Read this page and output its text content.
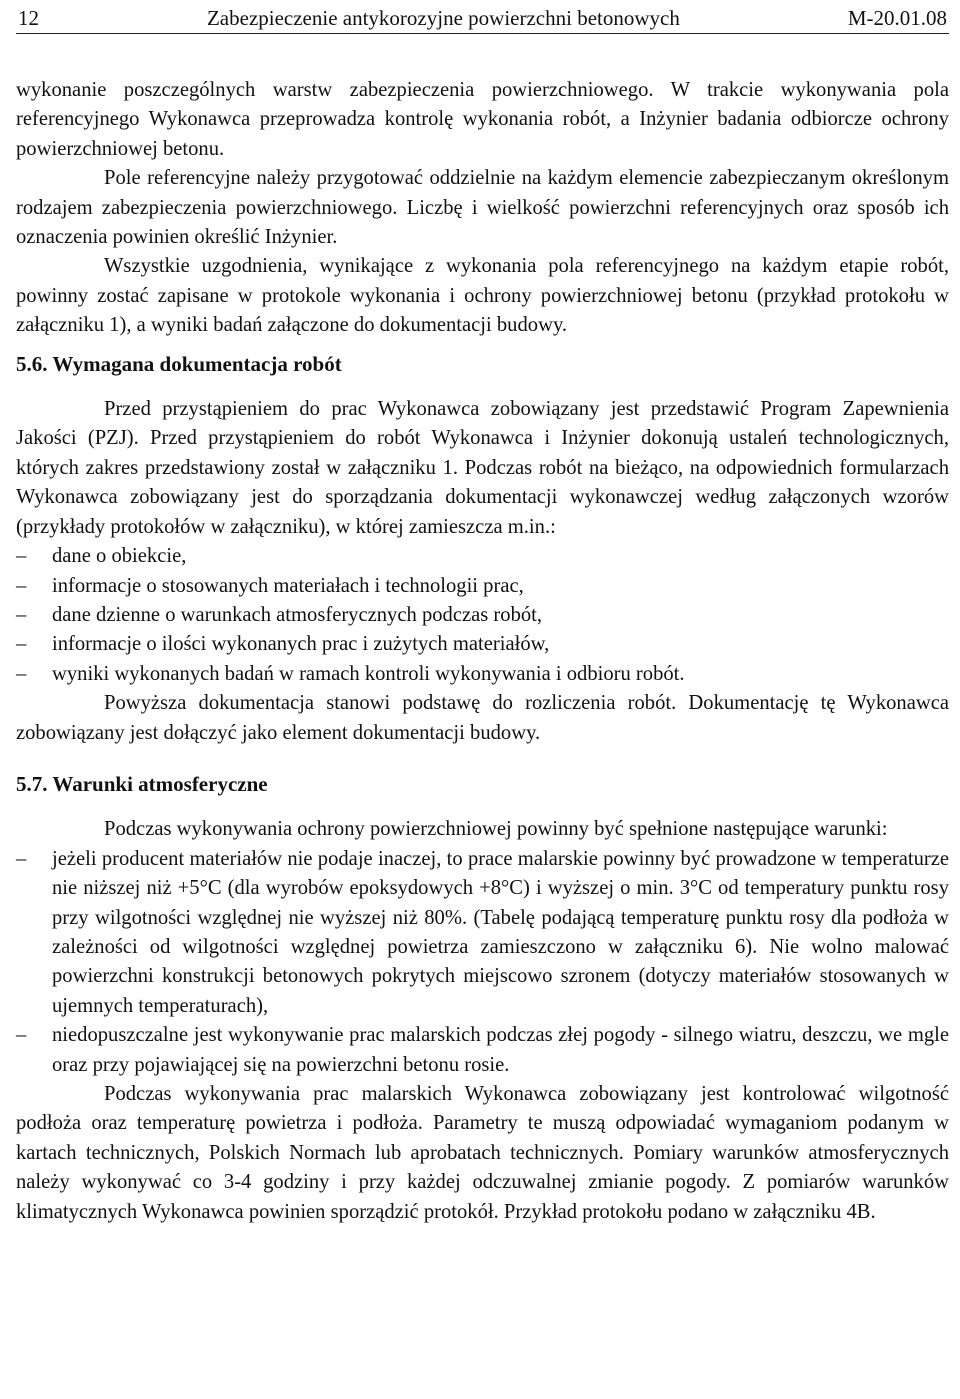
12	Zabezpieczenie antykorozyjne powierzchni betonowych	M-20.01.08

wykonanie poszczególnych warstw zabezpieczenia powierzchniowego. W trakcie wykonywania pola referencyjnego Wykonawca przeprowadza kontrolę wykonania robót, a Inżynier badania odbiorcze ochrony powierzchniowej betonu.

Pole referencyjne należy przygotować oddzielnie na każdym elemencie zabezpieczanym określonym rodzajem zabezpieczenia powierzchniowego. Liczbę i wielkość powierzchni referencyjnych oraz sposób ich oznaczenia powinien określić Inżynier.

Wszystkie uzgodnienia, wynikające z wykonania pola referencyjnego na każdym etapie robót, powinny zostać zapisane w protokole wykonania i ochrony powierzchniowej betonu (przykład protokołu w załączniku 1), a wyniki badań załączone do dokumentacji budowy.

5.6. Wymagana dokumentacja robót

Przed przystąpieniem do prac Wykonawca zobowiązany jest przedstawić Program Zapewnienia Jakości (PZJ). Przed przystąpieniem do robót Wykonawca i Inżynier dokonują ustaleń technologicznych, których zakres przedstawiony został w załączniku 1. Podczas robót na bieżąco, na odpowiednich formularzach Wykonawca zobowiązany jest do sporządzania dokumentacji wykonawczej według załączonych wzorów (przykłady protokołów w załączniku), w której zamieszcza m.in.:

– dane o obiekcie,
– informacje o stosowanych materiałach i technologii prac,
– dane dzienne o warunkach atmosferycznych podczas robót,
– informacje o ilości wykonanych prac i zużytych materiałów,
– wyniki wykonanych badań w ramach kontroli wykonywania i odbioru robót.

Powyższa dokumentacja stanowi podstawę do rozliczenia robót. Dokumentację tę Wykonawca zobowiązany jest dołączyć jako element dokumentacji budowy.

5.7. Warunki atmosferyczne

Podczas wykonywania ochrony powierzchniowej powinny być spełnione następujące warunki:

– jeżeli producent materiałów nie podaje inaczej, to prace malarskie powinny być prowadzone w temperaturze nie niższej niż +5°C (dla wyrobów epoksydowych +8°C) i wyższej o min. 3°C od temperatury punktu rosy przy wilgotności względnej nie wyższej niż 80%. (Tabelę podającą temperaturę punktu rosy dla podłoża w zależności od wilgotności względnej powietrza zamieszczono w załączniku 6). Nie wolno malować powierzchni konstrukcji betonowych pokrytych miejscowo szronem (dotyczy materiałów stosowanych w ujemnych temperaturach),
– niedopuszczalne jest wykonywanie prac malarskich podczas złej pogody - silnego wiatru, deszczu, we mgle oraz przy pojawiającej się na powierzchni betonu rosie.

Podczas wykonywania prac malarskich Wykonawca zobowiązany jest kontrolować wilgotność podłoża oraz temperaturę powietrza i podłoża. Parametry te muszą odpowiadać wymaganiom podanym w kartach technicznych, Polskich Normach lub aprobatach technicznych. Pomiary warunków atmosferycznych należy wykonywać co 3-4 godziny i przy każdej odczuwalnej zmianie pogody. Z pomiarów warunków klimatycznych Wykonawca powinien sporządzić protokół. Przykład protokołu podano w załączniku 4B.
